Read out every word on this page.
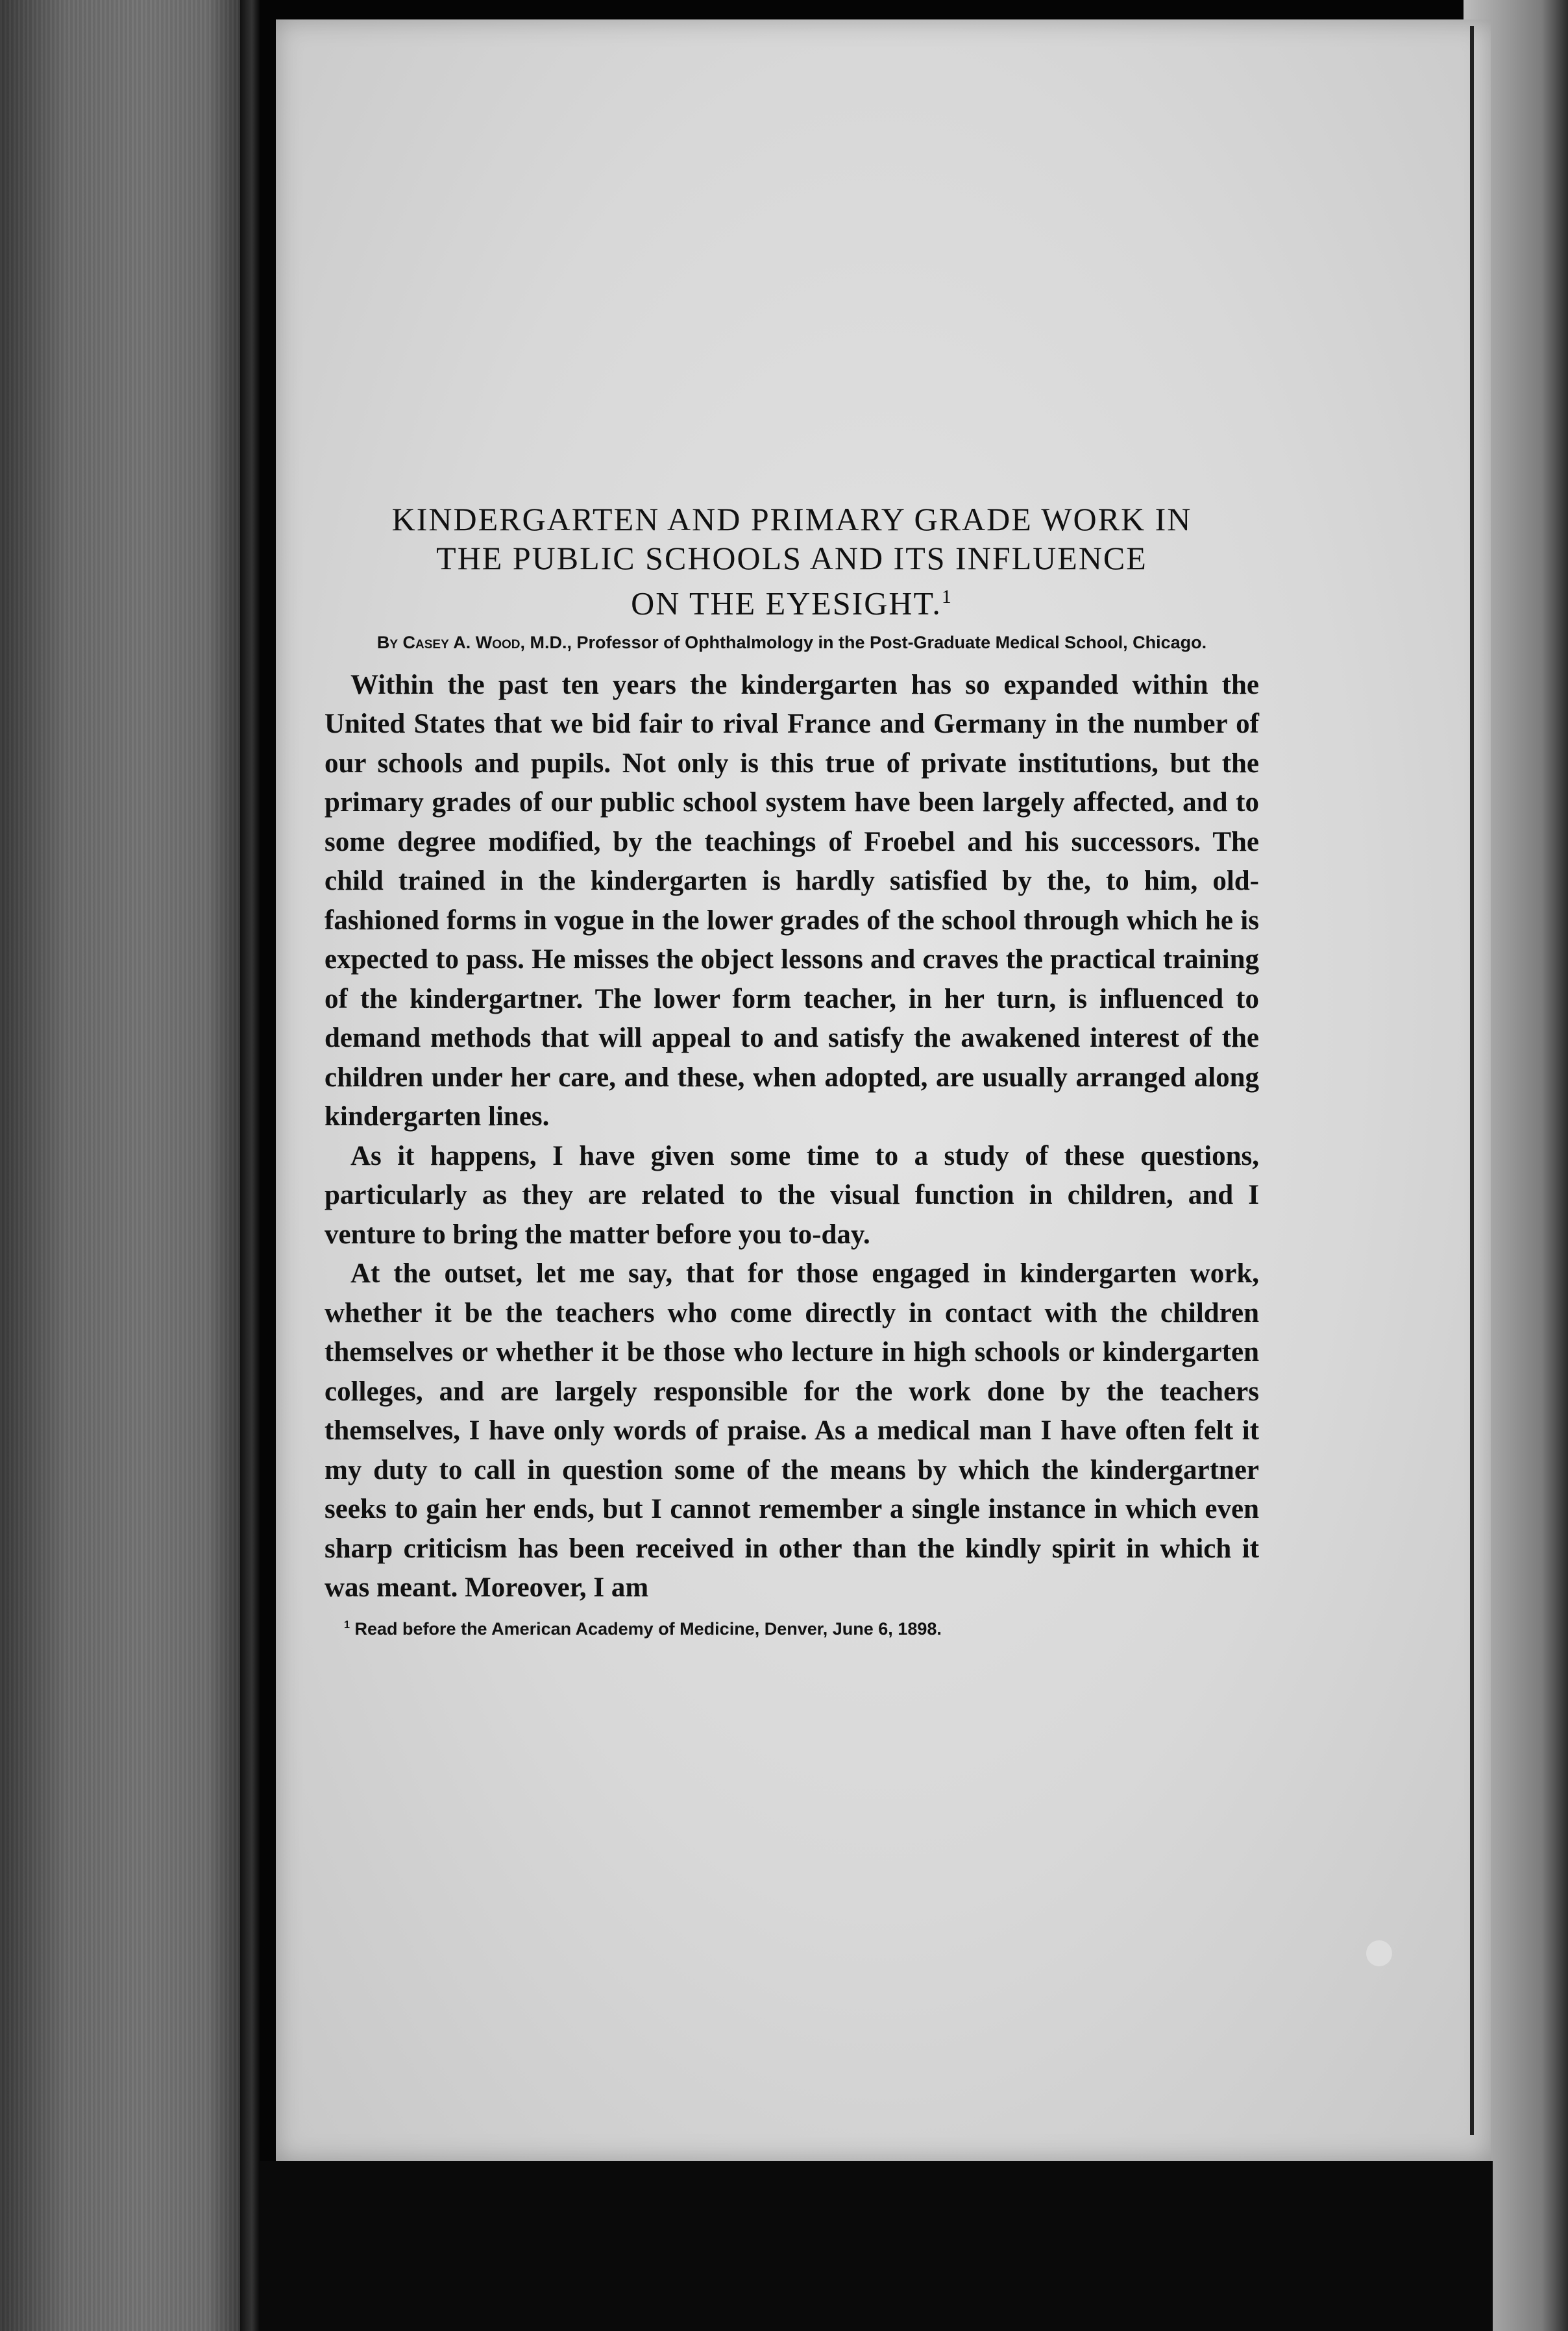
KINDERGARTEN AND PRIMARY GRADE WORK IN
THE PUBLIC SCHOOLS AND ITS INFLUENCE
ON THE EYESIGHT.$^1$
By Casey A. Wood, M.D., Professor of Ophthalmology in the Post-Graduate Medical School, Chicago.

Within the past ten years the kindergarten has so expanded within the United States that we bid fair to rival France and Germany in the number of our schools and pupils. Not only is this true of private institutions, but the primary grades of our public school system have been largely affected, and to some degree modified, by the teachings of Froebel and his successors. The child trained in the kindergarten is hardly satisfied by the, to him, old-fashioned forms in vogue in the lower grades of the school through which he is expected to pass. He misses the object lessons and craves the practical training of the kindergartner. The lower form teacher, in her turn, is influenced to demand methods that will appeal to and satisfy the awakened interest of the children under her care, and these, when adopted, are usually arranged along kindergarten lines.

As it happens, I have given some time to a study of these questions, particularly as they are related to the visual function in children, and I venture to bring the matter before you to-day.

At the outset, let me say, that for those engaged in kindergarten work, whether it be the teachers who come directly in contact with the children themselves or whether it be those who lecture in high schools or kindergarten colleges, and are largely responsible for the work done by the teachers themselves, I have only words of praise. As a medical man I have often felt it my duty to call in question some of the means by which the kindergartner seeks to gain her ends, but I cannot remember a single instance in which even sharp criticism has been received in other than the kindly spirit in which it was meant. Moreover, I am

$^1$ Read before the American Academy of Medicine, Denver, June 6, 1898.
